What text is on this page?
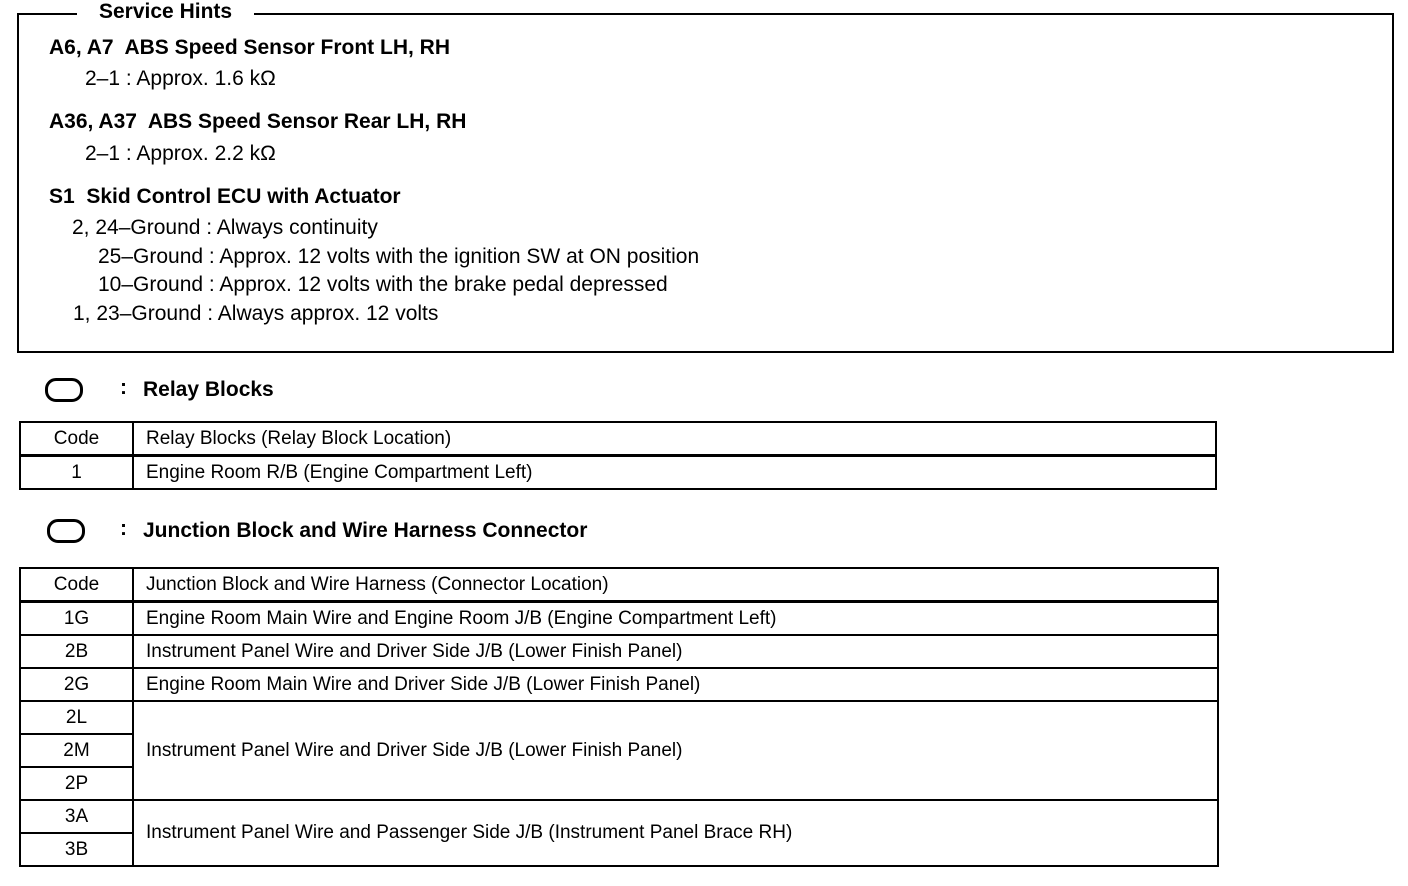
Service Hints
A6, A7  ABS Speed Sensor Front LH, RH
2–1 : Approx. 1.6 kΩ
A36, A37  ABS Speed Sensor Rear LH, RH
2–1 : Approx. 2.2 kΩ
S1  Skid Control ECU with Actuator
2, 24–Ground : Always continuity
25–Ground : Approx. 12 volts with the ignition SW at ON position
10–Ground : Approx. 12 volts with the brake pedal depressed
1, 23–Ground : Always approx. 12 volts
: Relay Blocks
Code	Relay Blocks (Relay Block Location)
1	Engine Room R/B (Engine Compartment Left)
: Junction Block and Wire Harness Connector
Code	Junction Block and Wire Harness (Connector Location)
1G	Engine Room Main Wire and Engine Room J/B (Engine Compartment Left)
2B	Instrument Panel Wire and Driver Side J/B (Lower Finish Panel)
2G	Engine Room Main Wire and Driver Side J/B (Lower Finish Panel)
2L	Instrument Panel Wire and Driver Side J/B (Lower Finish Panel)
2M	
2P	
3A	Instrument Panel Wire and Passenger Side J/B (Instrument Panel Brace RH)
3B	
